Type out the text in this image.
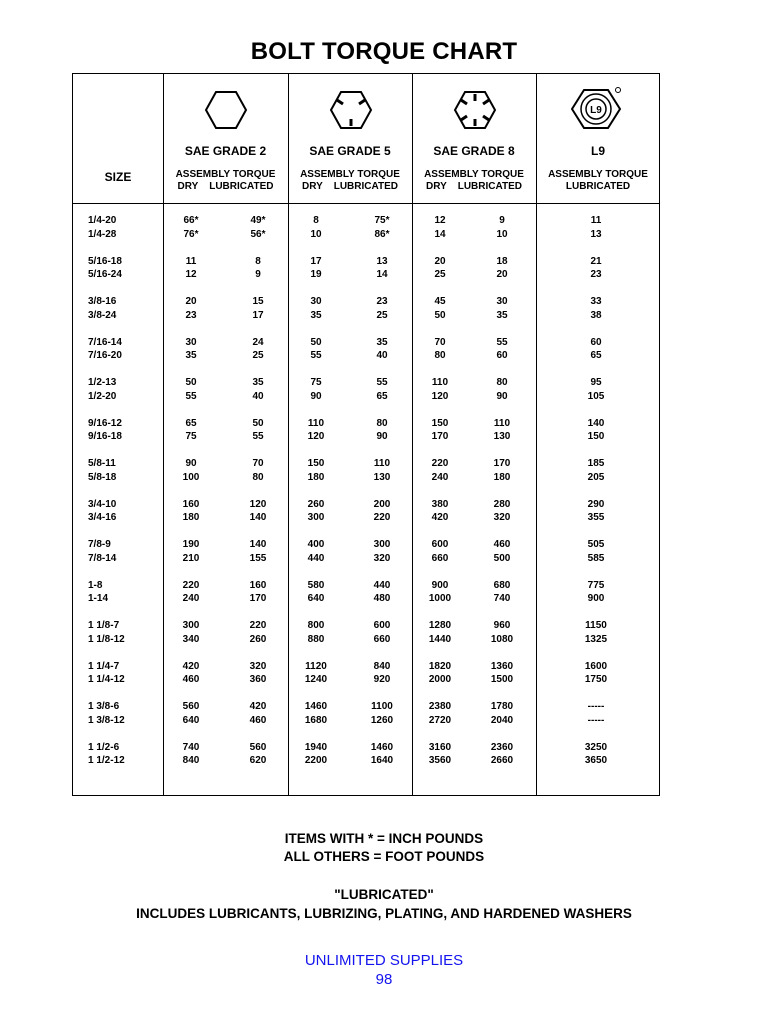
BOLT TORQUE CHART
L9
SIZE
SAE GRADE 2
ASSEMBLY TORQUE
DRY    LUBRICATED
SAE GRADE 5
ASSEMBLY TORQUE
DRY    LUBRICATED
SAE GRADE 8
ASSEMBLY TORQUE
DRY    LUBRICATED
L9
ASSEMBLY TORQUE
LUBRICATED
1/4-20
1/4-28
66*
76*
49*
56*
8
10
75*
86*
12
14
9
10
11
13
5/16-18
5/16-24
11
12
8
9
17
19
13
14
20
25
18
20
21
23
3/8-16
3/8-24
20
23
15
17
30
35
23
25
45
50
30
35
33
38
7/16-14
7/16-20
30
35
24
25
50
55
35
40
70
80
55
60
60
65
1/2-13
1/2-20
50
55
35
40
75
90
55
65
110
120
80
90
95
105
9/16-12
9/16-18
65
75
50
55
110
120
80
90
150
170
110
130
140
150
5/8-11
5/8-18
90
100
70
80
150
180
110
130
220
240
170
180
185
205
3/4-10
3/4-16
160
180
120
140
260
300
200
220
380
420
280
320
290
355
7/8-9
7/8-14
190
210
140
155
400
440
300
320
600
660
460
500
505
585
1-8
1-14
220
240
160
170
580
640
440
480
900
1000
680
740
775
900
1 1/8-7
1 1/8-12
300
340
220
260
800
880
600
660
1280
1440
960
1080
1150
1325
1 1/4-7
1 1/4-12
420
460
320
360
1120
1240
840
920
1820
2000
1360
1500
1600
1750
1 3/8-6
1 3/8-12
560
640
420
460
1460
1680
1100
1260
2380
2720
1780
2040
-----
-----
1 1/2-6
1 1/2-12
740
840
560
620
1940
2200
1460
1640
3160
3560
2360
2660
3250
3650
ITEMS WITH * = INCH POUNDS
ALL OTHERS = FOOT POUNDS
"LUBRICATED"
INCLUDES LUBRICANTS, LUBRIZING, PLATING, AND HARDENED WASHERS
UNLIMITED SUPPLIES
98
